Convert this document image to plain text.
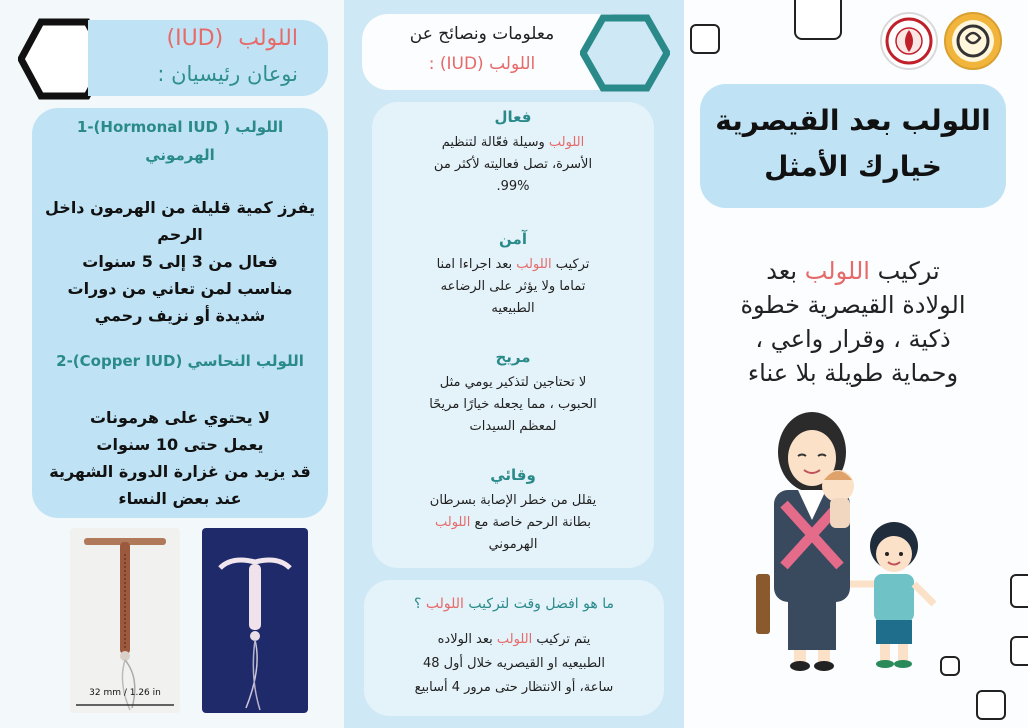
اللولب (IUD)
نوعان رئيسيان :
اللولب ( Hormonal IUD)-1
الهرموني
يفرز كمية قليلة من الهرمون داخل
الرحم
فعال من 3 إلى 5 سنوات
مناسب لمن تعاني من دورات
شديدة أو نزيف رحمي
اللولب النحاسي (Copper IUD)-2
لا يحتوي على هرمونات
يعمل حتى 10 سنوات
قد يزيد من غزارة الدورة الشهرية
عند بعض النساء
32 mm / 1.26 in
معلومات ونصائح عن
اللولب (IUD) :
فعال
اللولب وسيلة فعّالة لتنظيم
الأسرة، تصل فعاليته لأكثر من
99%.
آمن
تركيب اللولب بعد اجراءا امنا
تماما ولا يؤثر على الرضاعه
الطبيعيه
مريح
لا تحتاجين لتذكير يومي مثل
الحبوب ، مما يجعله خيارًا مريحًا
لمعظم السيدات
وقائي
يقلل من خطر الإصابة بسرطان
بطانة الرحم خاصة مع اللولب
الهرموني
ما هو افضل وقت لتركيب اللولب ؟
يتم تركيب اللولب بعد الولاده
الطبيعيه او القيصريه خلال أول 48
ساعة، أو الانتظار حتى مرور 4 أسابيع
اللولب بعد القيصرية
خيارك الأمثل
تركيب اللولب بعد
الولادة القيصرية خطوة
ذكية ، وقرار واعي ،
وحماية طويلة بلا عناء
